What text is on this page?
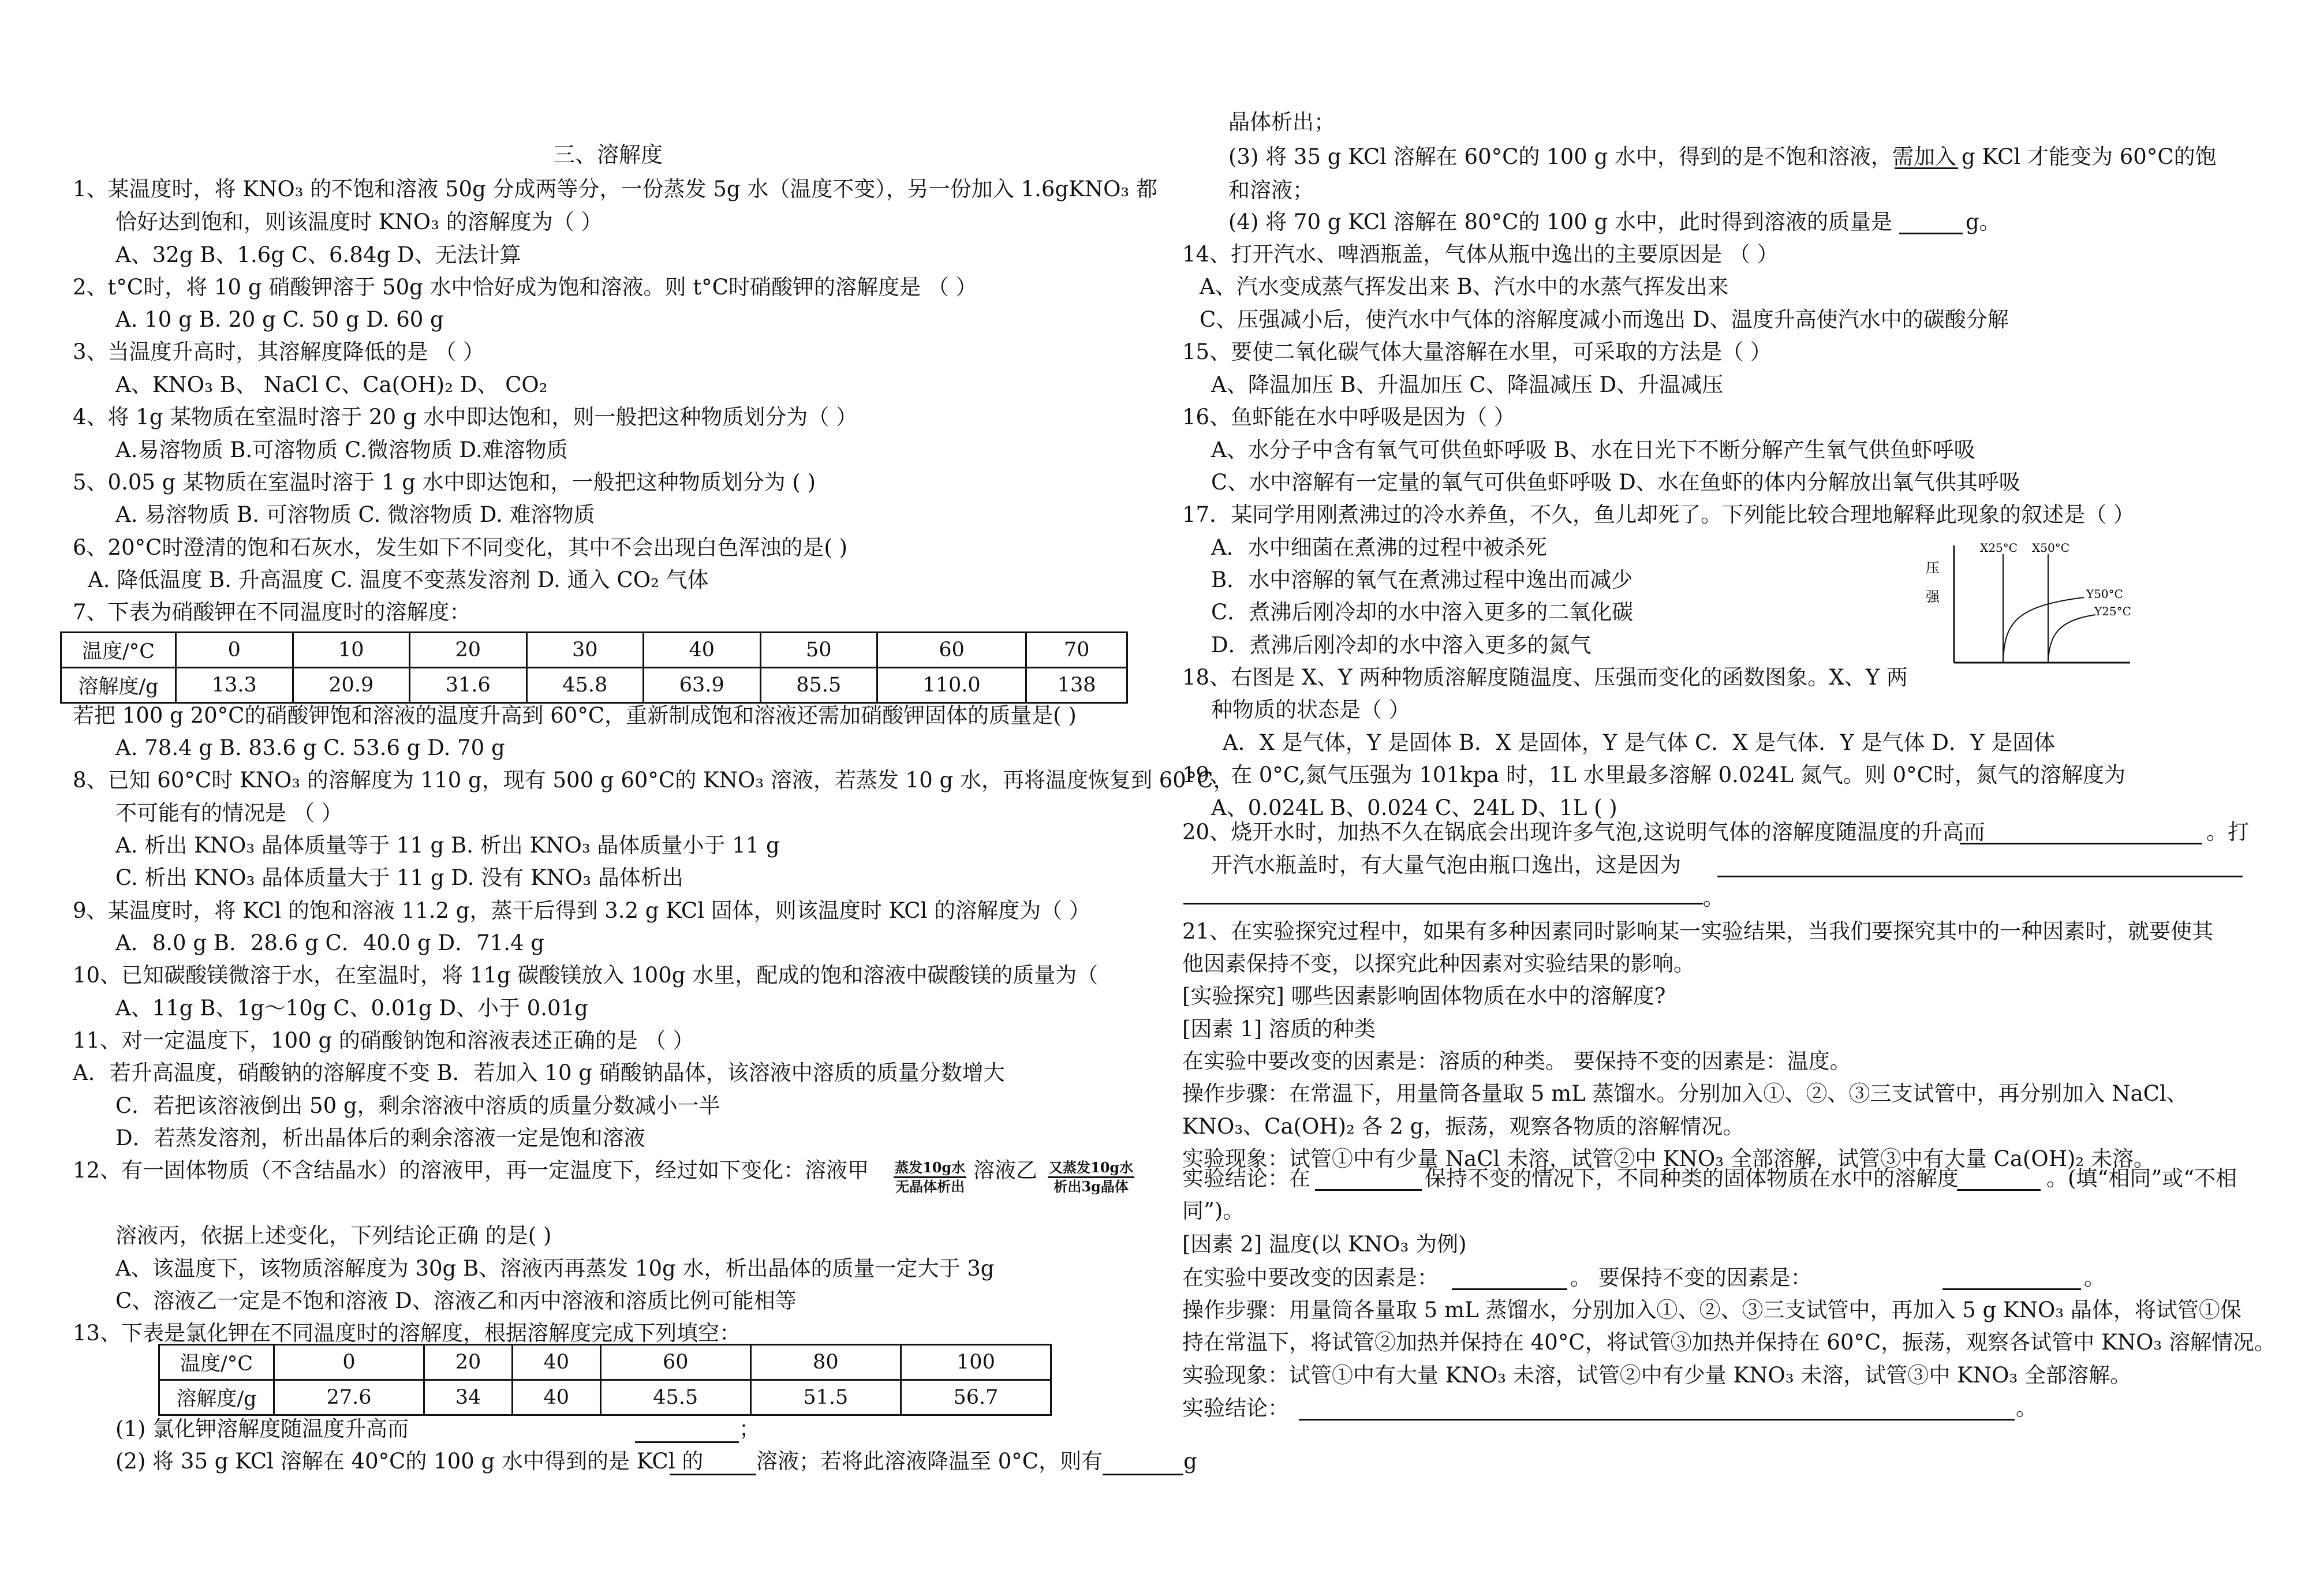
三、溶解度
1、某温度时，将 KNO₃ 的不饱和溶液 50g 分成两等分，一份蒸发 5g 水（温度不变），另一份加入 1.6gKNO₃ 都
恰好达到饱和，则该温度时 KNO₃ 的溶解度为（ ）
A、32g B、1.6g C、6.84g D、无法计算
2、t°C时，将 10 g 硝酸钾溶于 50g 水中恰好成为饱和溶液。则 t°C时硝酸钾的溶解度是 （ ）
A. 10 g B. 20 g C. 50 g D. 60 g
3、当温度升高时，其溶解度降低的是 （ ）
A、KNO₃ B、 NaCl C、Ca(OH)₂ D、 CO₂
4、将 1g 某物质在室温时溶于 20 g 水中即达饱和，则一般把这种物质划分为（ ）
A.易溶物质 B.可溶物质 C.微溶物质 D.难溶物质
5、0.05 g 某物质在室温时溶于 1 g 水中即达饱和，一般把这种物质划分为 ( )
A. 易溶物质 B. 可溶物质 C. 微溶物质 D. 难溶物质
6、20°C时澄清的饱和石灰水，发生如下不同变化，其中不会出现白色浑浊的是( )
A. 降低温度 B. 升高温度 C. 温度不变蒸发溶剂 D. 通入 CO₂ 气体
7、下表为硝酸钾在不同温度时的溶解度：
若把 100 g 20°C的硝酸钾饱和溶液的温度升高到 60°C，重新制成饱和溶液还需加硝酸钾固体的质量是( )
A. 78.4 g B. 83.6 g C. 53.6 g D. 70 g
8、已知 60°C时 KNO₃ 的溶解度为 110 g，现有 500 g 60°C的 KNO₃ 溶液，若蒸发 10 g 水，再将温度恢复到 60°C，
不可能有的情况是 （ ）
A. 析出 KNO₃ 晶体质量等于 11 g B. 析出 KNO₃ 晶体质量小于 11 g
C. 析出 KNO₃ 晶体质量大于 11 g D. 没有 KNO₃ 晶体析出
9、某温度时，将 KCl 的饱和溶液 11.2 g，蒸干后得到 3.2 g KCl 固体，则该温度时 KCl 的溶解度为（ ）
A．8.0 g B．28.6 g C．40.0 g D．71.4 g
10、已知碳酸镁微溶于水，在室温时，将 11g 碳酸镁放入 100g 水里，配成的饱和溶液中碳酸镁的质量为（
A、11g B、1g～10g C、0.01g D、小于 0.01g
11、对一定温度下，100 g 的硝酸钠饱和溶液表述正确的是 （ ）
A．若升高温度，硝酸钠的溶解度不变 B．若加入 10 g 硝酸钠晶体，该溶液中溶质的质量分数增大
C．若把该溶液倒出 50 g，剩余溶液中溶质的质量分数减小一半
D．若蒸发溶剂，析出晶体后的剩余溶液一定是饱和溶液
12、有一固体物质（不含结晶水）的溶液甲，再一定温度下，经过如下变化：溶液甲	溶液乙
溶液丙，依据上述变化，下列结论正确 的是( )
A、该温度下，该物质溶解度为 30g B、溶液丙再蒸发 10g 水，析出晶体的质量一定大于 3g
C、溶液乙一定是不饱和溶液 D、溶液乙和丙中溶液和溶质比例可能相等
13、下表是氯化钾在不同温度时的溶解度，根据溶解度完成下列填空：
(1) 氯化钾溶解度随温度升高而
(2) 将 35 g KCl 溶解在 40°C的 100 g 水中得到的是 KCl 的
蒸发10g水
无晶体析出
又蒸发10g水
析出3g晶体
温度/°C	0	10	20	30	40	50	60	70
溶解度/g	13.3	20.9	31.6	45.8	63.9	85.5	110.0	138
温度/°C	0	20	40	60	80	100
溶解度/g	27.6	34	40	45.5	51.5	56.7
；
溶液；若将此溶液降温至 0°C，则有	g
晶体析出；
(3) 将 35 g KCl 溶解在 60°C的 100 g 水中，得到的是不饱和溶液，需加入 g KCl 才能变为 60°C的饱
和溶液；
(4) 将 70 g KCl 溶解在 80°C的 100 g 水中，此时得到溶液的质量是	g。
14、打开汽水、啤酒瓶盖，气体从瓶中逸出的主要原因是 （ ）
A、汽水变成蒸气挥发出来 B、汽水中的水蒸气挥发出来
C、压强减小后，使汽水中气体的溶解度减小而逸出 D、温度升高使汽水中的碳酸分解
15、要使二氧化碳气体大量溶解在水里，可采取的方法是（ ）
A、降温加压 B、升温加压 C、降温减压 D、升温减压
16、鱼虾能在水中呼吸是因为（ ）
A、水分子中含有氧气可供鱼虾呼吸 B、水在日光下不断分解产生氧气供鱼虾呼吸
C、水中溶解有一定量的氧气可供鱼虾呼吸 D、水在鱼虾的体内分解放出氧气供其呼吸
17．某同学用刚煮沸过的冷水养鱼，不久，鱼儿却死了。下列能比较合理地解释此现象的叙述是（ ）
A．水中细菌在煮沸的过程中被杀死
B．水中溶解的氧气在煮沸过程中逸出而减少
C．煮沸后刚冷却的水中溶入更多的二氧化碳
D．煮沸后刚冷却的水中溶入更多的氮气
18、右图是 X、Y 两种物质溶解度随温度、压强而变化的函数图象。X、Y 两
种物质的状态是（ ）
A．X 是气体，Y 是固体 B．X 是固体，Y 是气体 C．X 是气体．Y 是气体 D．Y 是固体
19、在 0°C,氮气压强为 101kpa 时，1L 水里最多溶解 0.024L 氮气。则 0°C时，氮气的溶解度为
A、0.024L B、0.024 C、24L D、1L ( )
20、烧开水时，加热不久在锅底会出现许多气泡,这说明气体的溶解度随温度的升高而	。打
开汽水瓶盖时，有大量气泡由瓶口逸出，这是因为
。
21、在实验探究过程中，如果有多种因素同时影响某一实验结果，当我们要探究其中的一种因素时，就要使其
他因素保持不变，以探究此种因素对实验结果的影响。
[实验探究] 哪些因素影响固体物质在水中的溶解度?
[因素 1] 溶质的种类
在实验中要改变的因素是：溶质的种类。 要保持不变的因素是：温度。
操作步骤：在常温下，用量筒各量取 5 mL 蒸馏水。分别加入①、②、③三支试管中，再分别加入 NaCl、
KNO₃、Ca(OH)₂ 各 2 g，振荡，观察各物质的溶解情况。
实验现象：试管①中有少量 NaCl 未溶，试管②中 KNO₃ 全部溶解，试管③中有大量 Ca(OH)₂ 未溶。
实验结论：在	保持不变的情况下，不同种类的固体物质在水中的溶解度	。(填“相同”或“不相
同”)。
[因素 2] 温度(以 KNO₃ 为例)
在实验中要改变的因素是：	。 要保持不变的因素是：	。
操作步骤：用量筒各量取 5 mL 蒸馏水，分别加入①、②、③三支试管中，再加入 5 g KNO₃ 晶体，将试管①保
持在常温下，将试管②加热并保持在 40°C，将试管③加热并保持在 60°C，振荡，观察各试管中 KNO₃ 溶解情况。
实验现象：试管①中有大量 KNO₃ 未溶，试管②中有少量 KNO₃ 未溶，试管③中 KNO₃ 全部溶解。
实验结论：	。
压
强
X25°C X50°C
Y50°C
Y25°C
